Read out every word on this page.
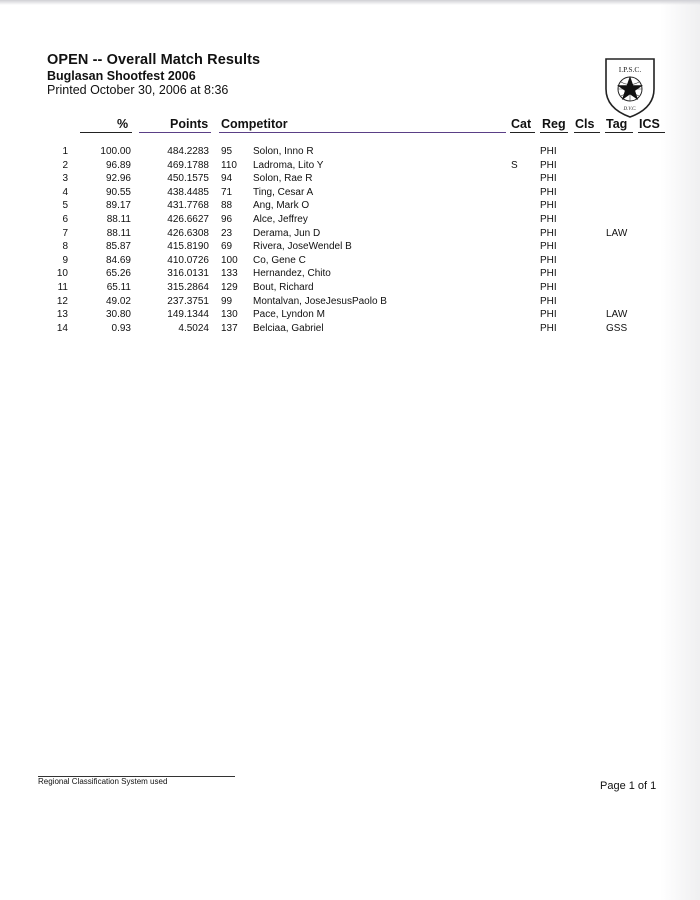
OPEN -- Overall Match Results
Buglasan Shootfest 2006
Printed October 30, 2006 at 8:36
I.P.S.C.
D.V.C.
%	Points Competitor	Cat Reg Cls Tag ICS
1	100.00	484.2283 95 Solon, Inno R	PHI
2	96.89	469.1788 110 Ladroma, Lito Y	S PHI
3	92.96	450.1575 94 Solon, Rae R	PHI
4	90.55	438.4485 71 Ting, Cesar A	PHI
5	89.17	431.7768 88 Ang, Mark O	PHI
6	88.11	426.6627 96 Alce, Jeffrey	PHI
7	88.11	426.6308 23 Derama, Jun D	PHI	LAW
8	85.87	415.8190 69 Rivera, JoseWendel B	PHI
9	84.69	410.0726 100 Co, Gene C	PHI
10	65.26	316.0131 133 Hernandez, Chito	PHI
11	65.11	315.2864 129 Bout, Richard	PHI
12	49.02	237.3751 99 Montalvan, JoseJesusPaolo B	PHI
13	30.80	149.1344 130 Pace, Lyndon M	PHI	LAW
14	0.93	4.5024 137 Belciaa, Gabriel	PHI	GSS
Regional Classification System used	Page 1 of 1
